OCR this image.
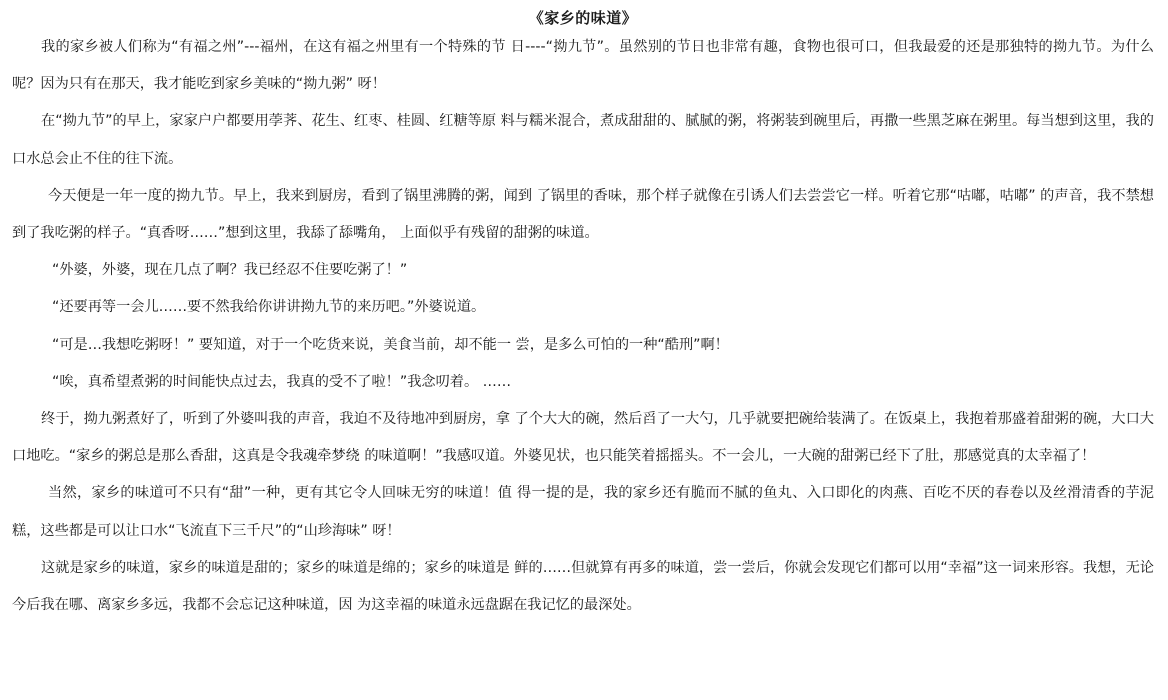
《家乡的味道》

我的家乡被人们称为“有福之州”---福州，在这有福之州里有一个特殊的节 日----“拗九节”。虽然别的节日也非常有趣，食物也很可口，但我最爱的还是那独特的拗九节。为什么呢？因为只有在那天，我才能吃到家乡美味的“拗九粥” 呀！

在“拗九节”的早上，家家户户都要用荸荠、花生、红枣、桂圆、红糖等原 料与糯米混合，煮成甜甜的、腻腻的粥，将粥装到碗里后，再撒一些黑芝麻在粥里。每当想到这里，我的口水总会止不住的往下流。

今天便是一年一度的拗九节。早上，我来到厨房，看到了锅里沸腾的粥，闻到 了锅里的香味，那个样子就像在引诱人们去尝尝它一样。听着它那“咕嘟，咕嘟” 的声音，我不禁想到了我吃粥的样子。“真香呀……”想到这里，我舔了舔嘴角， 上面似乎有残留的甜粥的味道。

“外婆，外婆，现在几点了啊？我已经忍不住要吃粥了！”

“还要再等一会儿……要不然我给你讲讲拗九节的来历吧。”外婆说道。

“可是…我想吃粥呀！” 要知道，对于一个吃货来说，美食当前，却不能一 尝，是多么可怕的一种“酷刑”啊！

“唉，真希望煮粥的时间能快点过去，我真的受不了啦！”我念叨着。 ……

终于，拗九粥煮好了，听到了外婆叫我的声音，我迫不及待地冲到厨房，拿 了个大大的碗，然后舀了一大勺，几乎就要把碗给装满了。在饭桌上，我抱着那盛着甜粥的碗，大口大口地吃。“家乡的粥总是那么香甜，这真是令我魂牵梦绕 的味道啊！”我感叹道。外婆见状，也只能笑着摇摇头。不一会儿，一大碗的甜粥已经下了肚，那感觉真的太幸福了！

当然，家乡的味道可不只有“甜”一种，更有其它令人回味无穷的味道！值 得一提的是，我的家乡还有脆而不腻的鱼丸、入口即化的肉燕、百吃不厌的春卷以及丝滑清香的芋泥糕，这些都是可以让口水“飞流直下三千尺”的“山珍海味” 呀！

这就是家乡的味道，家乡的味道是甜的；家乡的味道是绵的；家乡的味道是 鲜的……但就算有再多的味道，尝一尝后，你就会发现它们都可以用“幸福”这一词来形容。我想，无论今后我在哪、离家乡多远，我都不会忘记这种味道，因 为这幸福的味道永远盘踞在我记忆的最深处。
